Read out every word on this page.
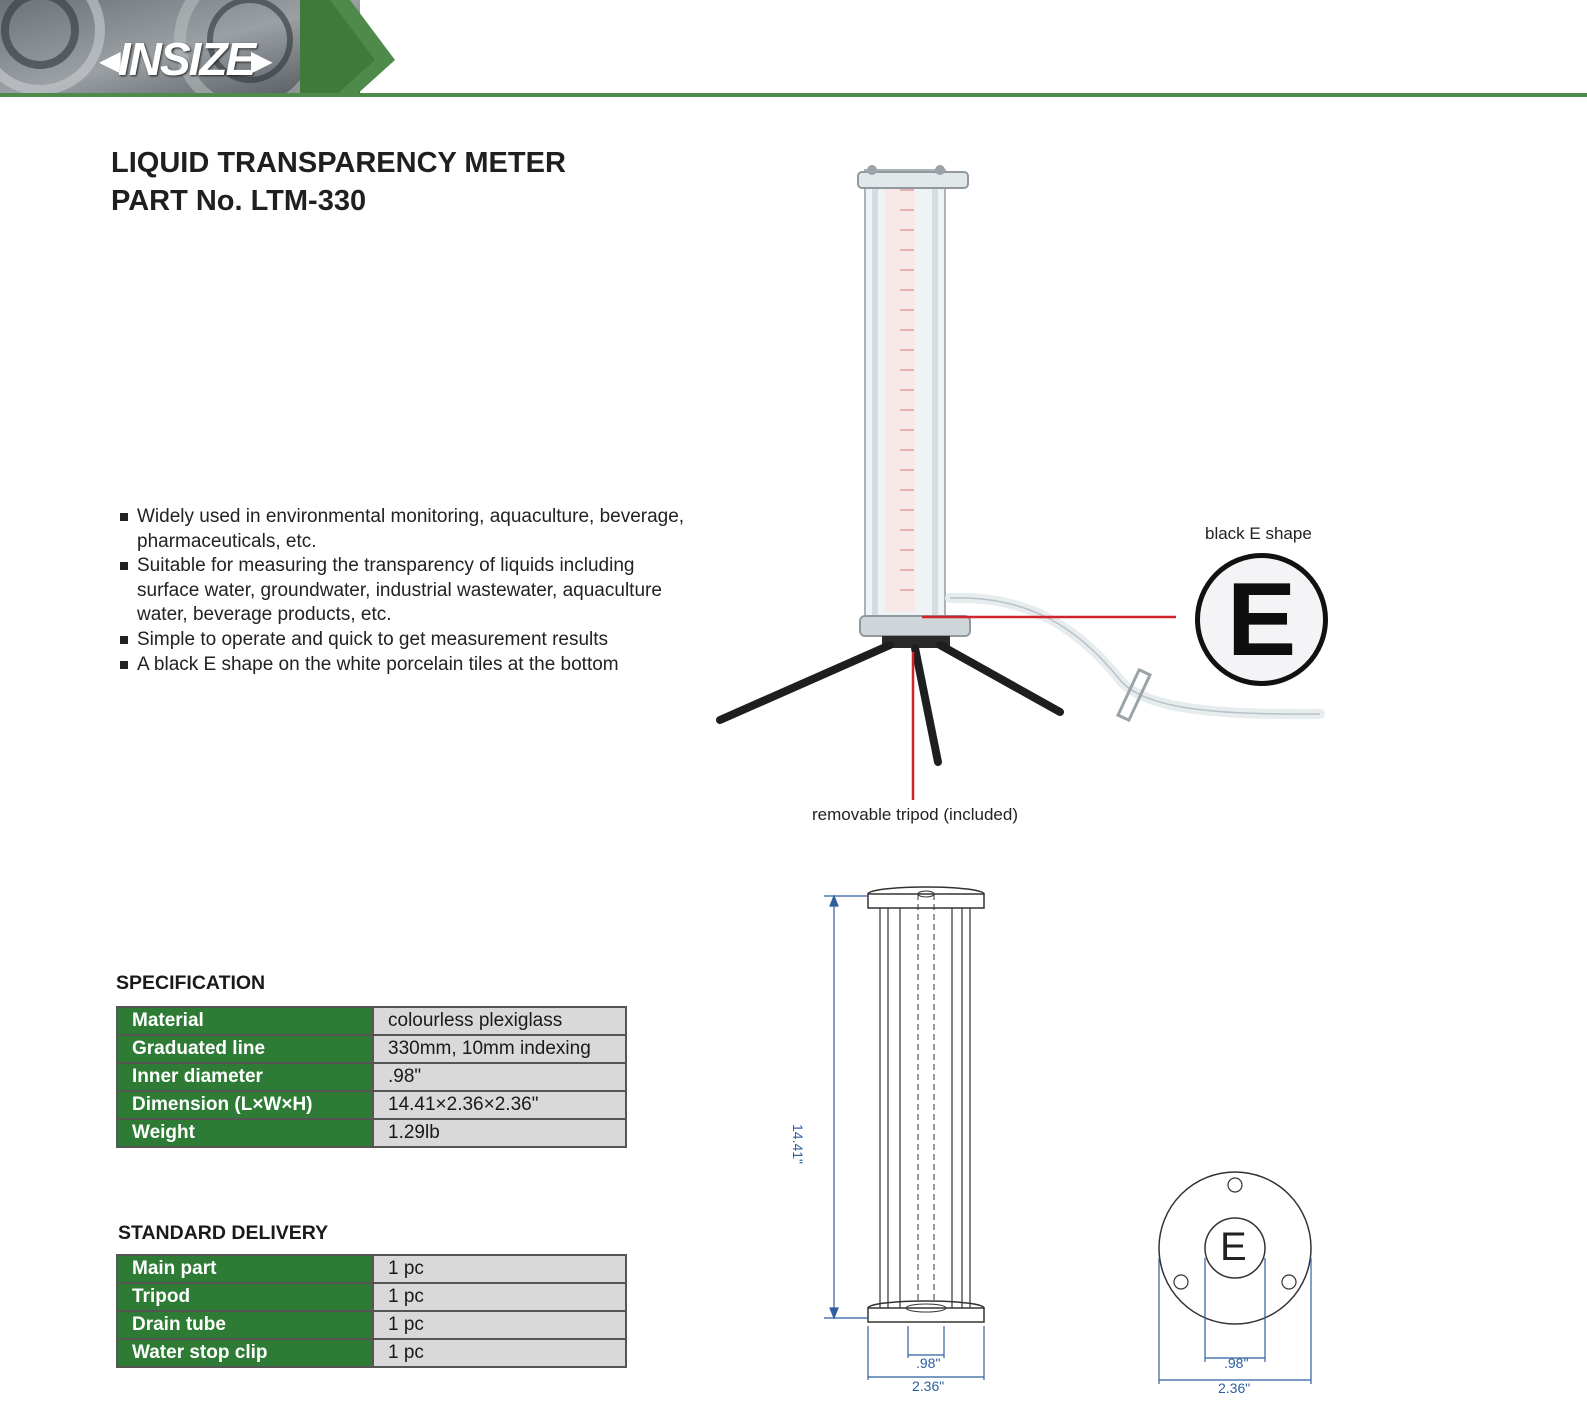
◄
INSIZE
►
LIQUID TRANSPARENCY METER
PART No. LTM-330
Widely used in environmental monitoring, aquaculture, beverage, pharmaceuticals, etc.
Suitable for measuring the transparency of liquids including surface water, groundwater, industrial wastewater, aquaculture water, beverage products, etc.
Simple to operate and quick to get measurement results
A black E shape on the white porcelain tiles at the bottom
black E shape
E
removable tripod (included)
SPECIFICATION
Material	colourless plexiglass
Graduated line	330mm, 10mm indexing
Inner diameter	.98"
Dimension (L×W×H)	14.41×2.36×2.36"
Weight	1.29lb
STANDARD DELIVERY
Main part	1 pc
Tripod	1 pc
Drain tube	1 pc
Water stop clip	1 pc
14.41"
.98"
2.36"
E
.98"
2.36"
